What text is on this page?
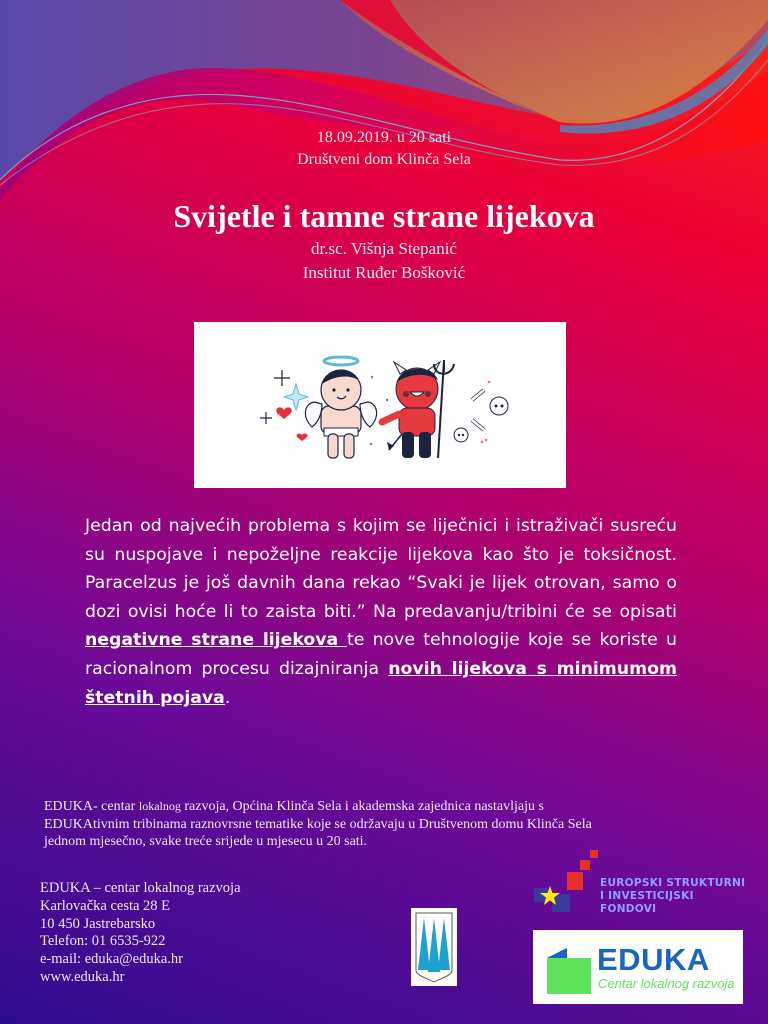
18.09.2019. u 20 sati
Društveni dom Klinča Sela
Svijetle i tamne strane lijekova
dr.sc. Višnja Stepanić
Institut Ruđer Bošković
Jedan od najvećih problema s kojim se liječnici i istraživači susreću su nuspojave i nepoželjne reakcije lijekova kao što je toksičnost. Paracelzus je još davnih dana rekao “Svaki je lijek otrovan, samo o dozi ovisi hoće li to zaista biti.” Na predavanju/tribini će se opisati negativne strane lijekova te nove tehnologije koje se koriste u racionalnom procesu dizajniranja novih lijekova s minimumom štetnih pojava.
EDUKA- centar lokalnog razvoja, Općina Klinča Sela i akademska zajednica nastavljaju s
EDUKAtivnim tribinama raznovrsne tematike koje se održavaju u Društvenom domu Klinča Sela
jednom mjesečno, svake treće srijede u mjesecu u 20 sati.
EDUKA – centar lokalnog razvoja
Karlovačka cesta 28 E
10 450 Jastrebarsko
Telefon: 01 6535-922
e-mail: eduka@eduka.hr
www.eduka.hr
EUROPSKI STRUKTURNI
I INVESTICIJSKI FONDOVI
EDUKA
Centar lokalnog razvoja
